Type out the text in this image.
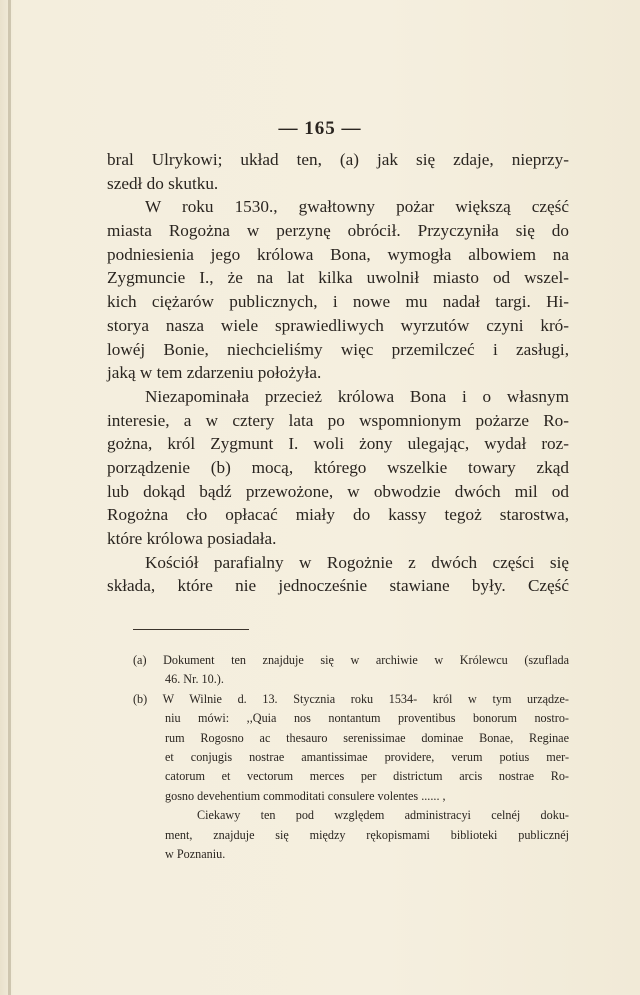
— 165 —
bral Ulrykowi; układ ten, (a) jak się zdaje, nieprzy-
szedł do skutku.
W roku 1530., gwałtowny pożar większą część
miasta Rogożna w perzynę obrócił. Przyczyniła się do
podniesienia jego królowa Bona, wymogła albowiem na
Zygmuncie I., że na lat kilka uwolnił miasto od wszel-
kich ciężarów publicznych, i nowe mu nadał targi. Hi-
storya nasza wiele sprawiedliwych wyrzutów czyni kró-
lowéj Bonie, niechcieliśmy więc przemilczeć i zasługi,
jaką w tem zdarzeniu położyła.
Niezapominała przecież królowa Bona i o własnym
interesie, a w cztery lata po wspomnionym pożarze Ro-
gożna, król Zygmunt I. woli żony ulegając, wydał roz-
porządzenie (b) mocą, którego wszelkie towary zkąd
lub dokąd bądź przewożone, w obwodzie dwóch mil od
Rogożna cło opłacać miały do kassy tegoż starostwa,
które królowa posiadała.
Kościół parafialny w Rogożnie z dwóch części się
składa, które nie jednocześnie stawiane były. Część
(a) Dokument ten znajduje się w archiwie w Królewcu (szuflada
46. Nr. 10.).
(b) W Wilnie d. 13. Stycznia roku 1534- król w tym urządze-
niu mówi: ,,Quia nos nontantum proventibus bonorum nostro-
rum Rogosno ac thesauro serenissimae dominae Bonae, Reginae
et conjugis nostrae amantissimae providere, verum potius mer-
catorum et vectorum merces per districtum arcis nostrae Ro-
gosno devehentium commoditati consulere volentes ...... ,
Ciekawy ten pod względem administracyi celnéj doku-
ment, znajduje się między rękopismami biblioteki publicznéj
w Poznaniu.
